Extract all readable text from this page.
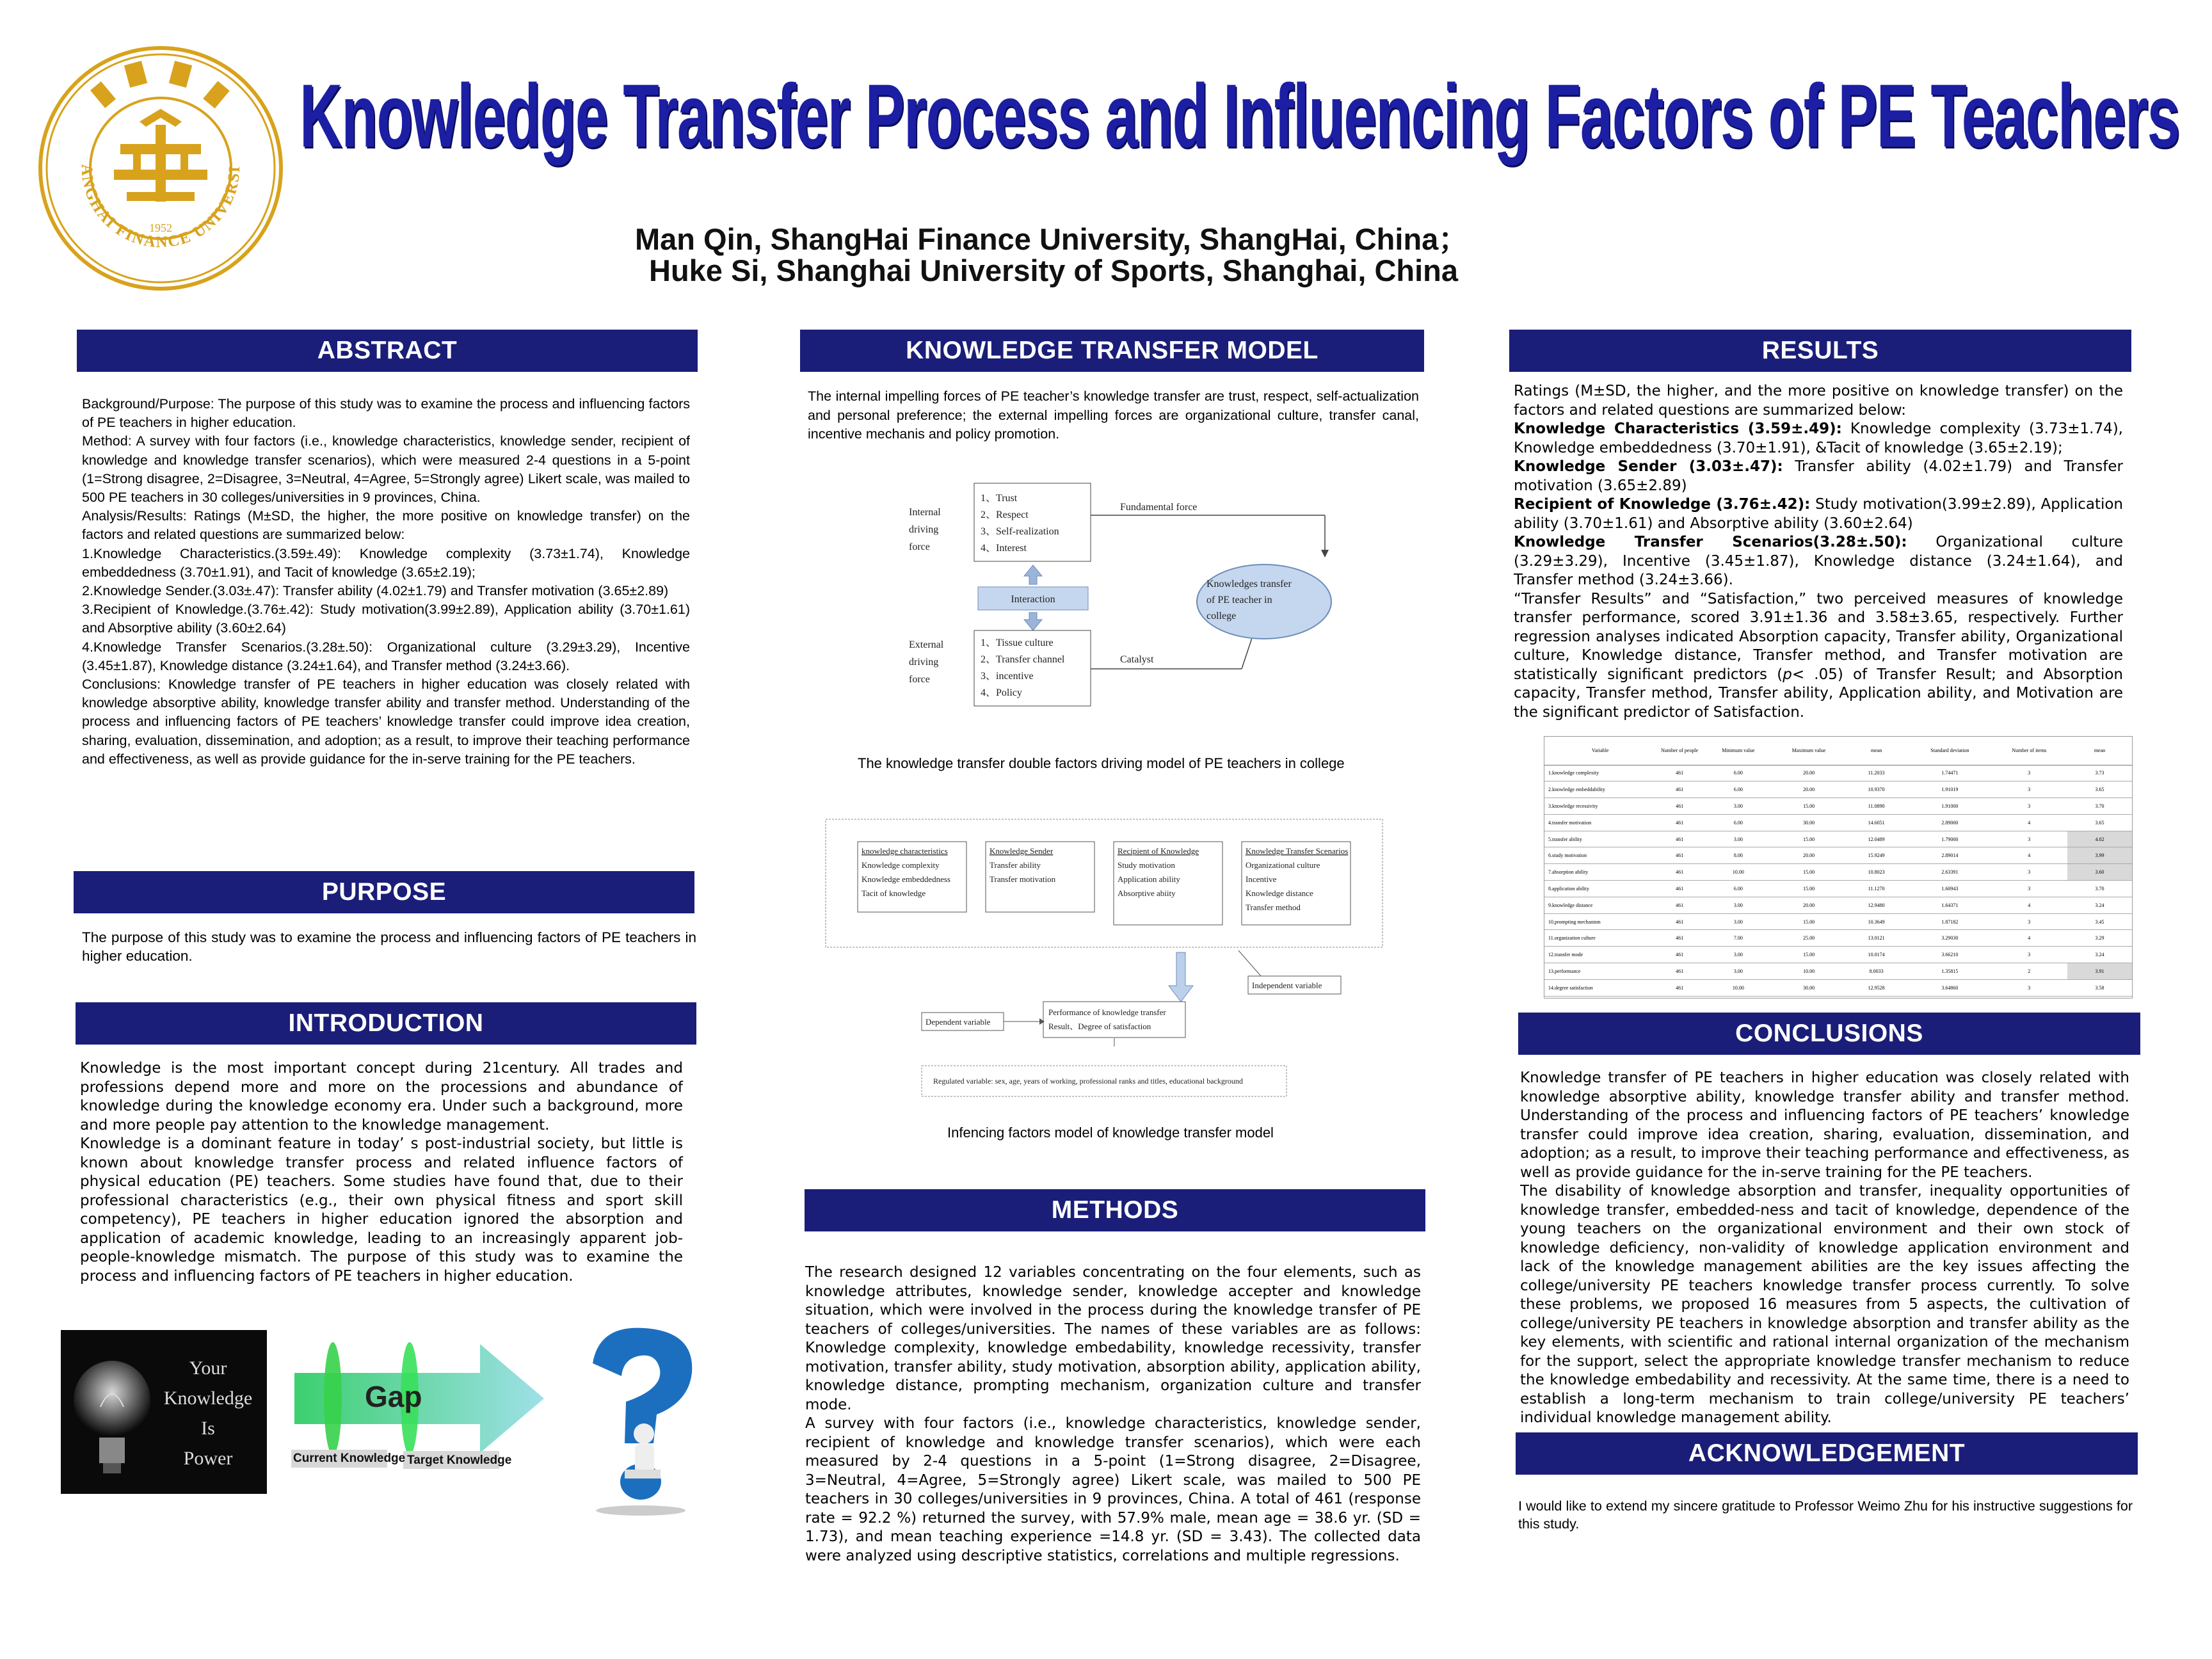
1952
ANGHAI FINANCE UNIVERSI
Knowledge Transfer Process and Influencing Factors of PE Teachers
Man Qin, ShangHai Finance University, ShangHai, China；
Huke Si, Shanghai University of Sports, Shanghai, China
ABSTRACT

Background/Purpose: The purpose of this study was to examine the process and influencing factors of PE teachers in higher education.

Method: A survey with four factors (i.e., knowledge characteristics, knowledge sender, recipient of knowledge and knowledge transfer scenarios), which were measured 2-4 questions in a 5-point (1=Strong disagree, 2=Disagree, 3=Neutral, 4=Agree, 5=Strongly agree) Likert scale, was mailed to 500 PE teachers in 30 colleges/universities in 9 provinces, China.

Analysis/Results: Ratings (M±SD, the higher, the more positive on knowledge transfer) on the factors and related questions are summarized below:

1.Knowledge Characteristics.(3.59±.49): Knowledge complexity (3.73±1.74), Knowledge embeddedness (3.70±1.91), and Tacit of knowledge (3.65±2.19);

2.Knowledge Sender.(3.03±.47): Transfer ability (4.02±1.79) and Transfer motivation (3.65±2.89)

3.Recipient of Knowledge.(3.76±.42): Study motivation(3.99±2.89), Application ability (3.70±1.61) and Absorptive ability (3.60±2.64)

4.Knowledge Transfer Scenarios.(3.28±.50): Organizational culture (3.29±3.29), Incentive (3.45±1.87), Knowledge distance (3.24±1.64), and Transfer method (3.24±3.66).

Conclusions: Knowledge transfer of PE teachers in higher education was closely related with knowledge absorptive ability, knowledge transfer ability and transfer method. Understanding of the process and influencing factors of PE teachers’ knowledge transfer could improve idea creation, sharing, evaluation, dissemination, and adoption; as a result, to improve their teaching performance and effectiveness, as well as provide guidance for the in-serve training for the PE teachers.

PURPOSE
The purpose of this study was to examine the process and influencing factors of PE teachers in higher education.
INTRODUCTION

Knowledge is the most important concept during 21century. All trades and professions depend more and more on the processions and abundance of knowledge during the knowledge economy era. Under such a background, more and more people pay attention to the knowledge management.

Knowledge is a dominant feature in today’ s post-industrial society, but little is known about knowledge transfer process and related influence factors of physical education (PE) teachers. Some studies have found that, due to their professional characteristics (e.g., their own physical fitness and sport skill competency), PE teachers in higher education ignored the absorption and application of academic knowledge, leading to an increasingly apparent job-people-knowledge mismatch. The purpose of this study was to examine the process and influencing factors of PE teachers in higher education.

Your
Knowledge
Is
Power
Gap
Current Knowledge Target Knowledge
KNOWLEDGE TRANSFER MODEL
The internal impelling forces of PE teacher’s knowledge transfer are trust, respect, self-actualization and personal preference; the external impelling forces are organizational culture, transfer canal, incentive mechanis and policy promotion.
Internal
driving
force
1、Trust
2、Respect
3、Self-realization
4、Interest
Interaction
External
driving
force
1、Tissue culture
2、Transfer channel
3、incentive
4、Policy
Fundamental force
Catalyst
Knowledges transfer
of PE teacher in
college
The knowledge transfer double factors driving model of PE teachers in college
knowledge characteristics
Knowledge complexity
Knowledge embeddedness
Tacit of knowledge
Knowledge Sender
Transfer ability
Transfer motivation
Recipient of Knowledge
Study motivation
Application ability
Absorptive abiity
Knowledge Transfer Scenarios
Organizational culture
Incentive
Knowledge distance
Transfer method
Independent variable
Performance of knowledge transfer
Result、Degree of satisfaction
Dependent variable
Regulated variable: sex, age, years of working, professional ranks and titles, educational background
Infencing factors model of knowledge transfer model
METHODS

The research designed 12 variables concentrating on the four elements, such as knowledge attributes, knowledge sender, knowledge accepter and knowledge situation, which were involved in the process during the knowledge transfer of PE teachers of colleges/universities. The names of these variables are as follows: Knowledge complexity, knowledge embedability, knowledge recessivity, transfer motivation, transfer ability, study motivation, absorption ability, application ability, knowledge distance, prompting mechanism, organization culture and transfer mode.

A survey with four factors (i.e., knowledge characteristics, knowledge sender, recipient of knowledge and knowledge transfer scenarios), which were each measured by 2-4 questions in a 5-point (1=Strong disagree, 2=Disagree, 3=Neutral, 4=Agree, 5=Strongly agree) Likert scale, was mailed to 500 PE teachers in 30 colleges/universities in 9 provinces, China. A total of 461 (response rate = 92.2 %) returned the survey, with 57.9% male, mean age = 38.6 yr. (SD = 1.73), and mean teaching experience =14.8 yr. (SD = 3.43). The collected data were analyzed using descriptive statistics, correlations and multiple regressions.

RESULTS

Ratings (M±SD, the higher, and the more positive on knowledge transfer) on the factors and related questions are summarized below:

Knowledge Characteristics (3.59±.49): Knowledge complexity (3.73±1.74), Knowledge embeddedness (3.70±1.91), &Tacit of knowledge (3.65±2.19);

Knowledge Sender (3.03±.47): Transfer ability (4.02±1.79) and Transfer motivation (3.65±2.89)

Recipient of Knowledge (3.76±.42): Study motivation(3.99±2.89), Application ability (3.70±1.61) and Absorptive ability (3.60±2.64)

Knowledge Transfer Scenarios(3.28±.50): Organizational culture (3.29±3.29), Incentive (3.45±1.87), Knowledge distance (3.24±1.64), and Transfer method (3.24±3.66).

“Transfer Results” and “Satisfaction,” two perceived measures of knowledge transfer performance, scored 3.91±1.36 and 3.58±3.65, respectively. Further regression analyses indicated Absorption capacity, Transfer ability, Organizational culture, Knowledge distance, Transfer method, and Transfer motivation are statistically significant predictors (p< .05) of Transfer Result; and Absorption capacity, Transfer method, Transfer ability, Application ability, and Motivation are the significant predictor of Satisfaction.

Variable	Number of people	Minimum value	Maximum value	mean	Standard deviation	Number of items	mean
1.knowledge complexity	461	6.00	20.00	11.2033	1.74471	3	3.73
2.knowledge embeddability	461	6.00	20.00	10.9370	1.91019	3	3.65
3.knowledge recessivity	461	3.00	15.00	11.0890	1.91000	3	3.70
4.transfer motivation	461	6.00	30.00	14.6051	2.89000	4	3.65
5.transfer ability	461	3.00	15.00	12.0489	1.79000	3	4.02
6.study motivation	461	8.00	20.00	15.9249	2.89014	4	3.99
7.absorption ability	461	10.00	15.00	10.8023	2.63391	3	3.60
8.application ability	461	6.00	15.00	11.1270	1.60943	3	3.70
9.knowledge distance	461	3.00	20.00	12.9480	1.64371	4	3.24
10.prompting mechanism	461	3.00	15.00	10.3649	1.87182	3	3.45
11.organization culture	461	7.00	25.00	13.0121	3.29030	4	3.29
12.transfer mode	461	3.00	15.00	10.0174	3.66210	3	3.24
13.performance	461	3.00	10.00	8.0033	1.35815	2	3.91
14.degree satisfaction	461	10.00	30.00	12.9528	3.64860	3	3.58
CONCLUSIONS

Knowledge transfer of PE teachers in higher education was closely related with knowledge absorptive ability, knowledge transfer ability and transfer method. Understanding of the process and influencing factors of PE teachers’ knowledge transfer could improve idea creation, sharing, evaluation, dissemination, and adoption; as a result, to improve their teaching performance and effectiveness, as well as provide guidance for the in-serve training for the PE teachers.

The disability of knowledge absorption and transfer, inequality opportunities of knowledge transfer, embedded-ness and tacit of knowledge, dependence of the young teachers on the organizational environment and their own stock of knowledge deficiency, non-validity of knowledge application environment and lack of the knowledge management abilities are the key issues affecting the college/university PE teachers knowledge transfer process currently. To solve these problems, we proposed 16 measures from 5 aspects, the cultivation of college/university PE teachers in knowledge absorption and transfer ability as the key elements, with scientific and rational internal organization of the mechanism for the support, select the appropriate knowledge transfer mechanism to reduce the knowledge embedability and recessivity. At the same time, there is a need to establish a long-term mechanism to train college/university PE teachers’ individual knowledge management ability.

ACKNOWLEDGEMENT
I would like to extend my sincere gratitude to Professor Weimo Zhu for his instructive suggestions for this study.
